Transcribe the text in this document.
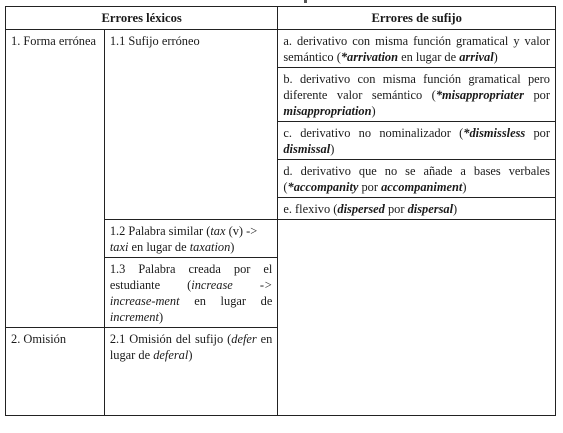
Errores léxicos		Errores de sufijo
1. Forma errónea	1.1 Sufijo erróneo	a. derivativo con misma función gramatical y valor semántico (*arrivation en lugar de arrival)
		b. derivativo con misma función gramatical pero diferente valor semántico (*misappropriater por misappropriation)
		c. derivativo no nominalizador (*dismissless por dismissal)
		d. derivativo que no se añade a bases verbales (*accompanity por accompaniment)
		e. flexivo (dispersed por dispersal)
	1.2 Palabra similar (tax (v) -> taxi en lugar de taxation)	
	1.3 Palabra creada por el estudiante (increase -> increase-ment en lugar de increment)	
2. Omisión	2.1 Omisión del sufijo (defer en lugar de deferal)	
